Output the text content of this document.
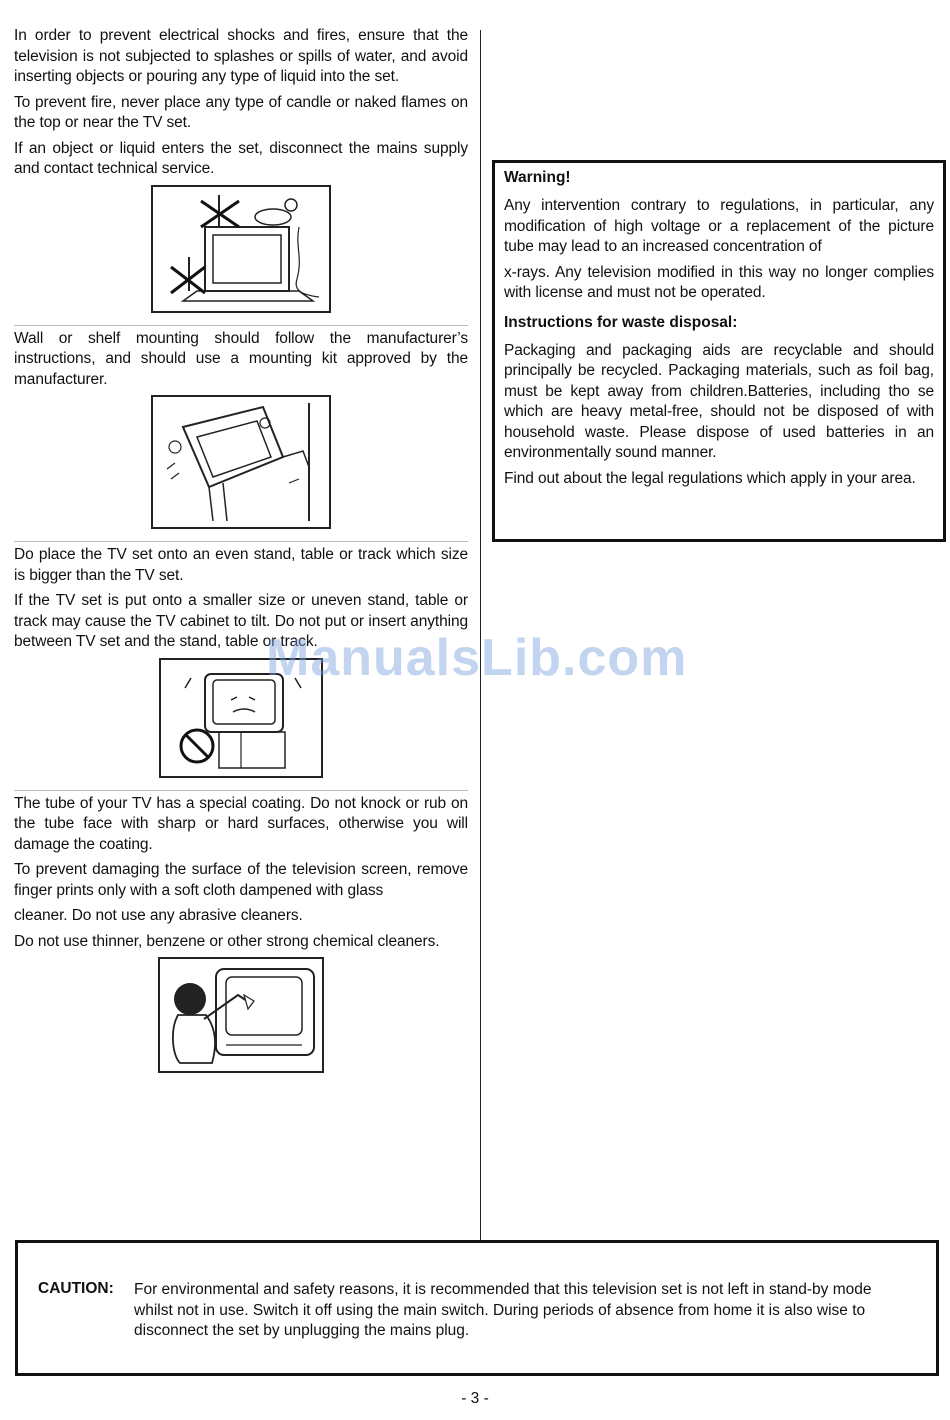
In order to prevent electrical shocks and fires, ensure that the television is not subjected to splashes or spills of water, and avoid inserting objects or pouring any type of liquid into the set.

To prevent fire, never place any type of candle or naked flames on the top or near the TV set.

If an object or liquid enters the set, disconnect the mains supply and contact technical service.

Wall or shelf mounting should follow the manufacturer’s instructions, and should use a mounting kit approved by the manufacturer.

Do place the TV set onto an even stand, table or track which size is bigger than the TV set.

If the TV set is put onto a smaller size or uneven stand, table or track may cause the TV cabinet to tilt. Do not put or insert anything between TV set and the stand, table or track.

The tube of your TV has a special coating. Do not knock or rub on the tube face with sharp or hard surfaces, otherwise you will damage the coating.

To prevent damaging the surface of the television screen, remove finger prints only with a soft cloth dampened with glass

cleaner. Do not use any abrasive cleaners.

Do not use thinner, benzene or other strong chemical cleaners.

Warning!

Any intervention contrary to regulations, in particular, any modification of high voltage or a replacement of the picture tube may lead to an increased concentration of

x-rays. Any television modified in this way no longer complies with license and must not be operated.

Instructions for waste disposal:

Packaging and packaging aids are recyclable and should principally be recycled. Packaging materials, such as foil bag, must be kept away from children.Batteries, including tho se which are heavy metal-free, should not be disposed of with household waste. Please dispose of used batteries in an environmentally sound manner.

Find out about the legal regulations which apply in your area.

ManualsLib.com
CAUTION: For environmental and safety reasons, it is recommended that this television set is not left in stand-by mode whilst not in use. Switch it off using the main switch. During periods of absence from home it is also wise to disconnect the set by unplugging the mains plug.
- 3 -
